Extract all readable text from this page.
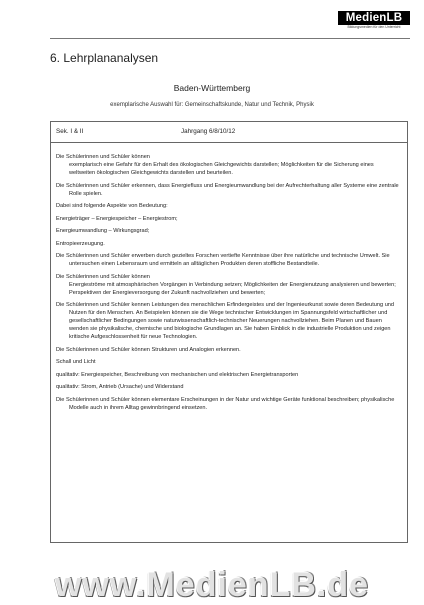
MedienLB
Bildungsmedien für den Unterricht
6. Lehrplananalysen
Baden-Württemberg
exemplarische Auswahl für: Gemeinschaftskunde, Natur und Technik, Physik
Sek. I & II	Jahrgang 6/8/10/12
Die Schülerinnen und Schüler können
exemplarisch eine Gefahr für den Erhalt des ökologischen Gleichgewichts darstellen; Möglichkeiten für die Sicherung eines weltweiten ökologischen Gleichgewichts darstellen und beurteilen.
Die Schülerinnen und Schüler erkennen, dass Energiefluss und Energieumwandlung bei der Aufrechterhaltung aller Systeme eine zentrale Rolle spielen.
Dabei sind folgende Aspekte von Bedeutung:
Energieträger – Energiespeicher – Energiestrom;
Energieumwandlung – Wirkungsgrad;
Entropieerzeugung.
Die Schülerinnen und Schüler erwerben durch gezieltes Forschen vertiefte Kenntnisse über ihre natürliche und technische Umwelt. Sie untersuchen einen Lebensraum und ermitteln an alltäglichen Produkten deren stoffliche Bestandteile.
Die Schülerinnen und Schüler können
Energieströme mit atmosphärischen Vorgängen in Verbindung setzen; Möglichkeiten der Energienutzung analysieren und bewerten; Perspektiven der Energieversorgung der Zukunft nachvollziehen und bewerten;
Die Schülerinnen und Schüler kennen Leistungen des menschlichen Erfindergeistes und der Ingenieurkunst sowie deren Bedeutung und Nutzen für den Menschen. An Beispielen können sie die Wege technischer Entwicklungen im Spannungsfeld wirtschaftlicher und gesellschaftlicher Bedingungen sowie naturwissenschaftlich-technischer Neuerungen nachvollziehen. Beim Planen und Bauen wenden sie physikalische, chemische und biologische Grundlagen an. Sie haben Einblick in die industrielle Produktion und zeigen kritische Aufgeschlossenheit für neue Technologien.
Die Schülerinnen und Schüler können Strukturen und Analogien erkennen.
Schall und Licht
qualitativ: Energiespeicher, Beschreibung von mechanischen und elektrischen Energietransporten
qualitativ: Strom, Antrieb (Ursache) und Widerstand
Die Schülerinnen und Schüler können elementare Erscheinungen in der Natur und wichtige Geräte funktional beschreiben; physikalische Modelle auch in ihrem Alltag gewinnbringend einsetzen.
www.MedienLB.de
